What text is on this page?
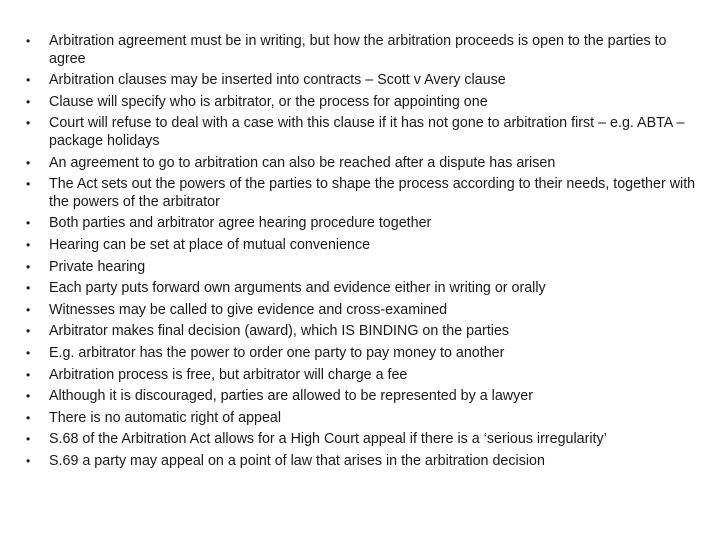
•	Arbitration agreement must be in writing, but how the arbitration proceeds is open to the parties to agree
•	Arbitration clauses may be inserted into contracts – Scott v Avery clause
•	Clause will specify who is arbitrator, or the process for appointing one
•	Court will refuse to deal with a case with this clause if it has not gone to arbitration first – e.g. ABTA – package holidays
•	An agreement to go to arbitration can also be reached after a dispute has arisen
•	The Act sets out the powers of the parties to shape the process according to their needs, together with the powers of the arbitrator
•	Both parties and arbitrator agree hearing procedure together
•	Hearing can be set at place of mutual convenience
•	Private hearing
•	Each party puts forward own arguments and evidence either in writing or orally
•	Witnesses may be called to give evidence and cross-examined
•	Arbitrator makes final decision (award), which IS BINDING on the parties
•	E.g. arbitrator has the power to order one party to pay money to another
•	Arbitration process is free, but arbitrator will charge a fee
•	Although it is discouraged, parties are allowed to be represented by a lawyer
•	There is no automatic right of appeal
•	S.68 of the Arbitration Act allows for a High Court appeal if there is a ‘serious irregularity’
•	S.69 a party may appeal on a point of law that arises in the arbitration decision
